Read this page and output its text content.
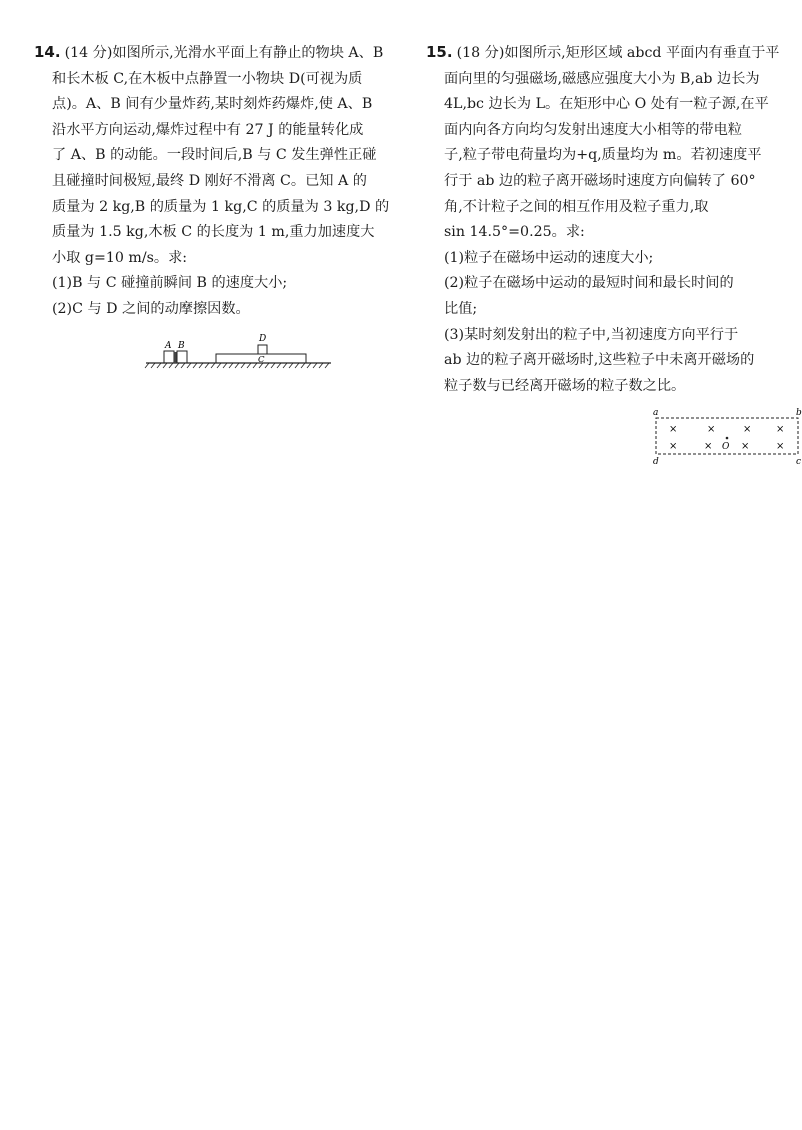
14. (14 分)如图所示,光滑水平面上有静止的物块 A、B
和长木板 C,在木板中点静置一小物块 D(可视为质
点)。A、B 间有少量炸药,某时刻炸药爆炸,使 A、B
沿水平方向运动,爆炸过程中有 27 J 的能量转化成
了 A、B 的动能。一段时间后,B 与 C 发生弹性正碰
且碰撞时间极短,最终 D 刚好不滑离 C。已知 A 的
质量为 2 kg,B 的质量为 1 kg,C 的质量为 3 kg,D 的
质量为 1.5 kg,木板 C 的长度为 1 m,重力加速度大
小取 g=10 m/s。求:
(1)B 与 C 碰撞前瞬间 B 的速度大小;
(2)C 与 D 之间的动摩擦因数。
A B
C
D
15. (18 分)如图所示,矩形区域 abcd 平面内有垂直于平
面向里的匀强磁场,磁感应强度大小为 B,ab 边长为
4L,bc 边长为 L。在矩形中心 O 处有一粒子源,在平
面内向各方向均匀发射出速度大小相等的带电粒
子,粒子带电荷量均为+q,质量均为 m。若初速度平
行于 ab 边的粒子离开磁场时速度方向偏转了 60°
角,不计粒子之间的相互作用及粒子重力,取
sin 14.5°=0.25。求:
(1)粒子在磁场中运动的速度大小;
(2)粒子在磁场中运动的最短时间和最长时间的
比值;
(3)某时刻发射出的粒子中,当初速度方向平行于
ab 边的粒子离开磁场时,这些粒子中未离开磁场的
粒子数与已经离开磁场的粒子数之比。
a	b
d	c
×	×	× ×
×	×	×	×
O
